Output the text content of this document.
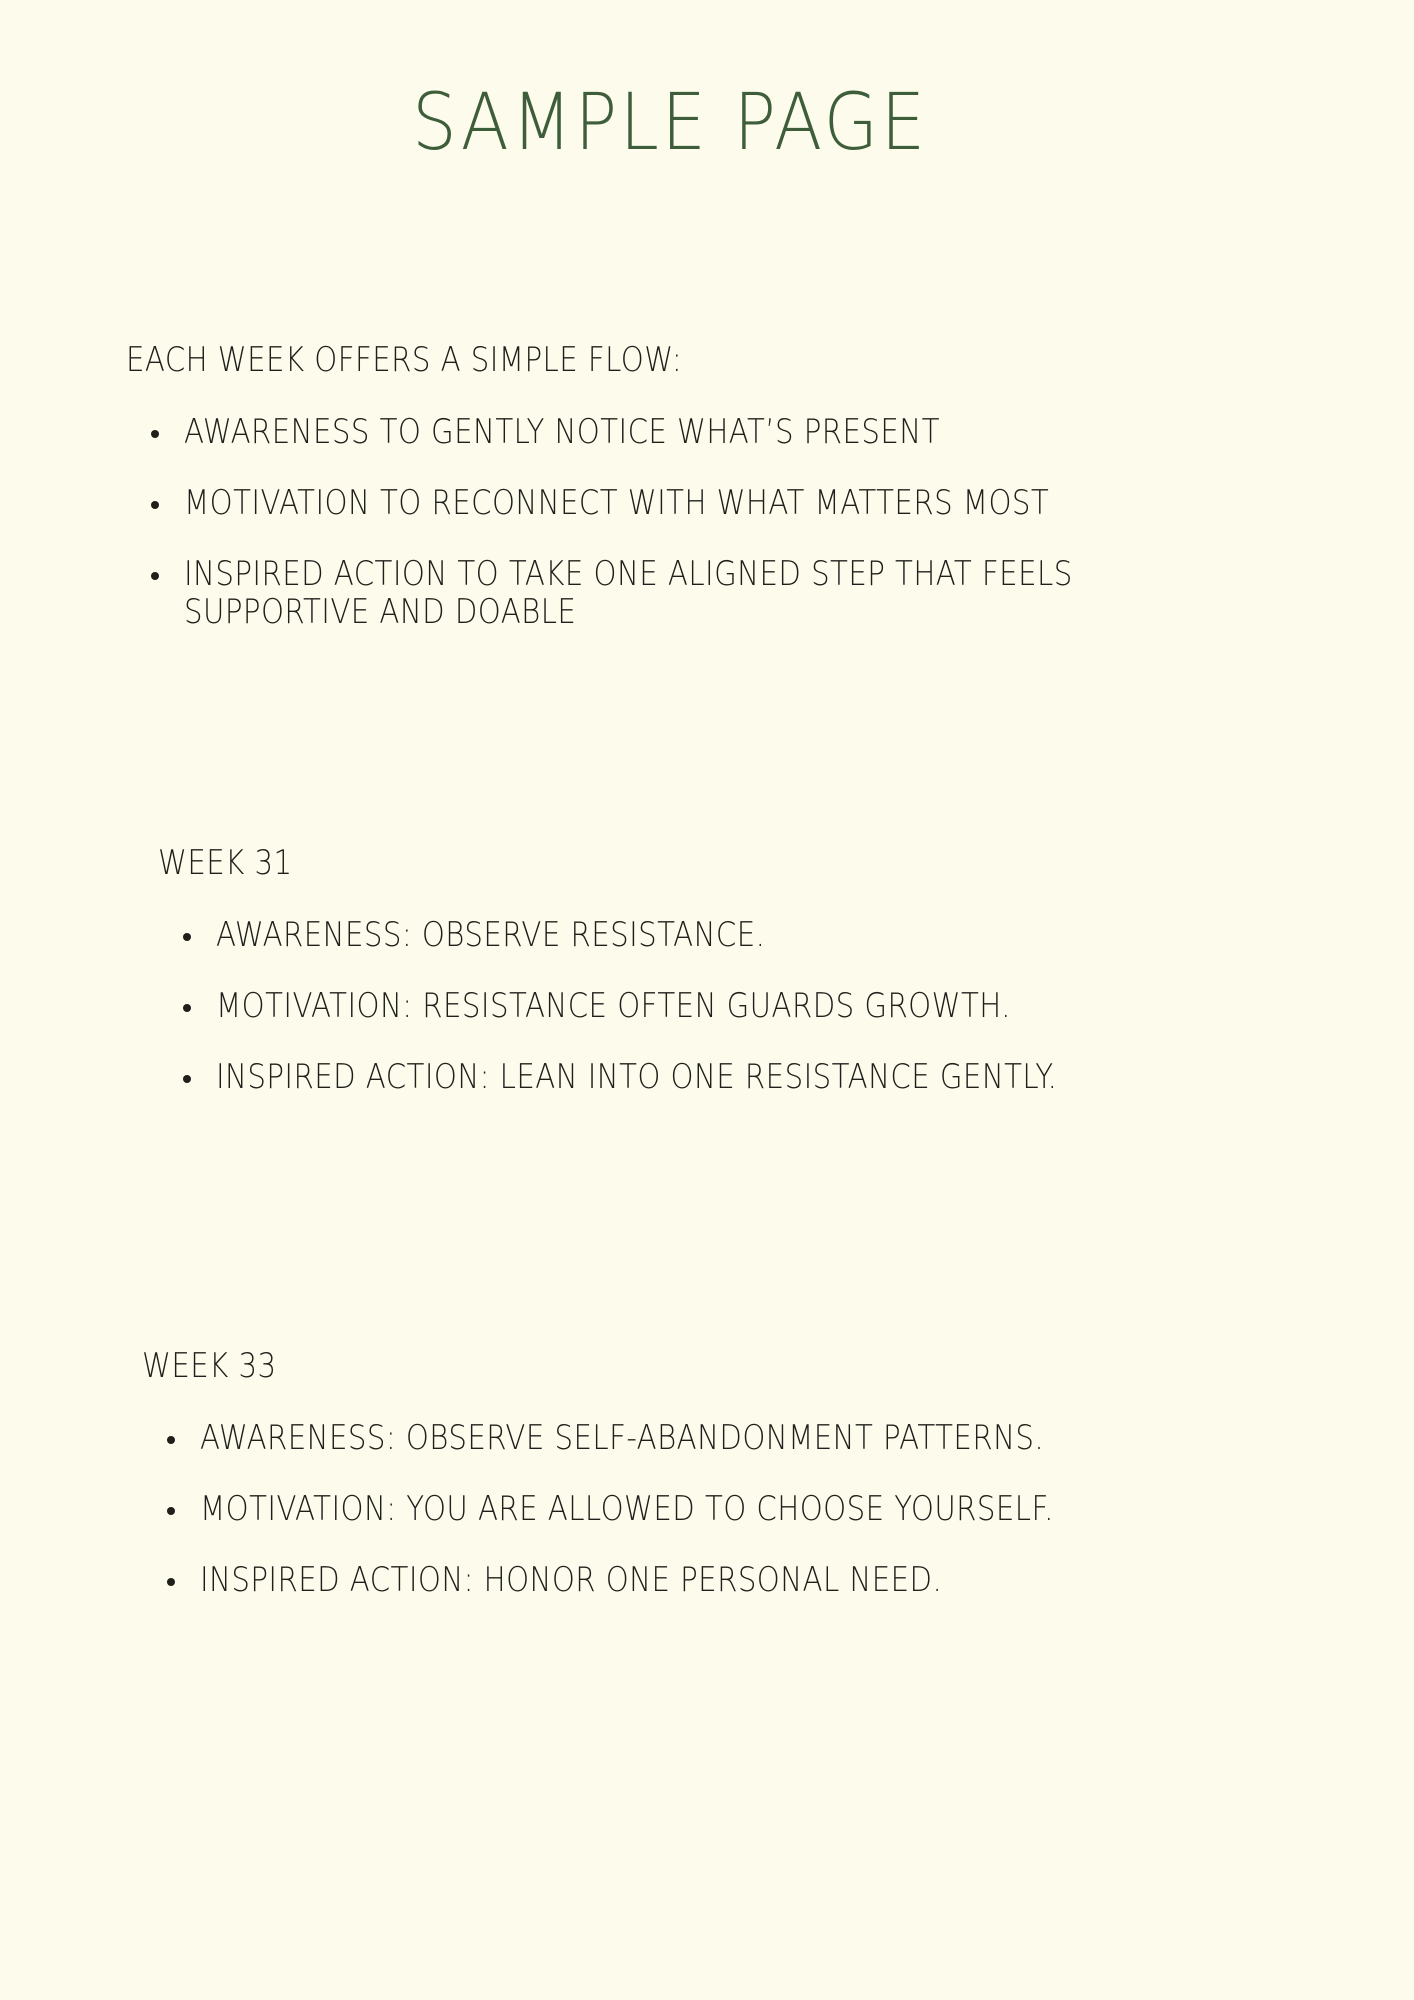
SAMPLE PAGE
EACH WEEK OFFERS A SIMPLE FLOW:
AWARENESS TO GENTLY NOTICE WHAT’S PRESENT
MOTIVATION TO RECONNECT WITH WHAT MATTERS MOST
INSPIRED ACTION TO TAKE ONE ALIGNED STEP THAT FEELS SUPPORTIVE AND DOABLE
WEEK 31
AWARENESS: OBSERVE RESISTANCE.
MOTIVATION: RESISTANCE OFTEN GUARDS GROWTH.
INSPIRED ACTION: LEAN INTO ONE RESISTANCE GENTLY.
WEEK 33
AWARENESS: OBSERVE SELF-ABANDONMENT PATTERNS.
MOTIVATION: YOU ARE ALLOWED TO CHOOSE YOURSELF.
INSPIRED ACTION: HONOR ONE PERSONAL NEED.
